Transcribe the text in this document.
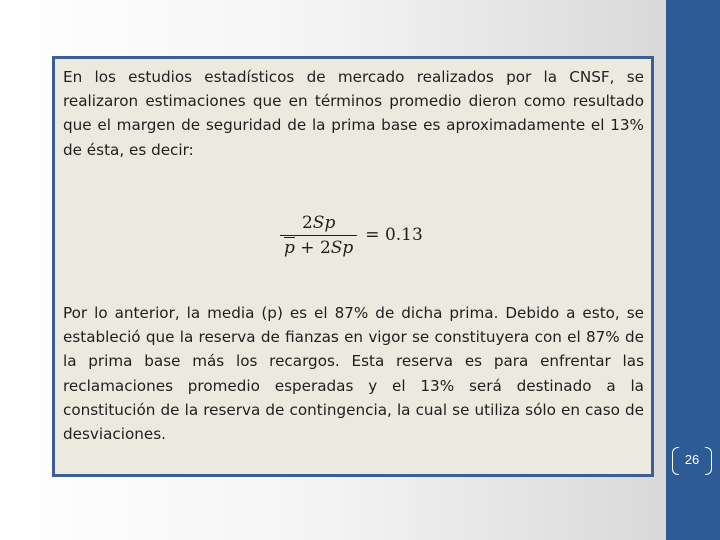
26

En los estudios estadísticos de mercado realizados por la CNSF, se realizaron estimaciones que en términos promedio dieron como resultado que el margen de seguridad de la prima base es aproximadamente el 13% de ésta, es decir:

$\frac{2Sp}{\overline{p} + 2Sp} = 0.13$

Por lo anterior, la media (p) es el 87% de dicha prima. Debido a esto, se estableció que la reserva de fianzas en vigor se constituyera con el 87% de la prima base más los recargos. Esta reserva es para enfrentar las reclamaciones promedio esperadas y el 13% será destinado a la constitución de la reserva de contingencia, la cual se utiliza sólo en caso de desviaciones.
